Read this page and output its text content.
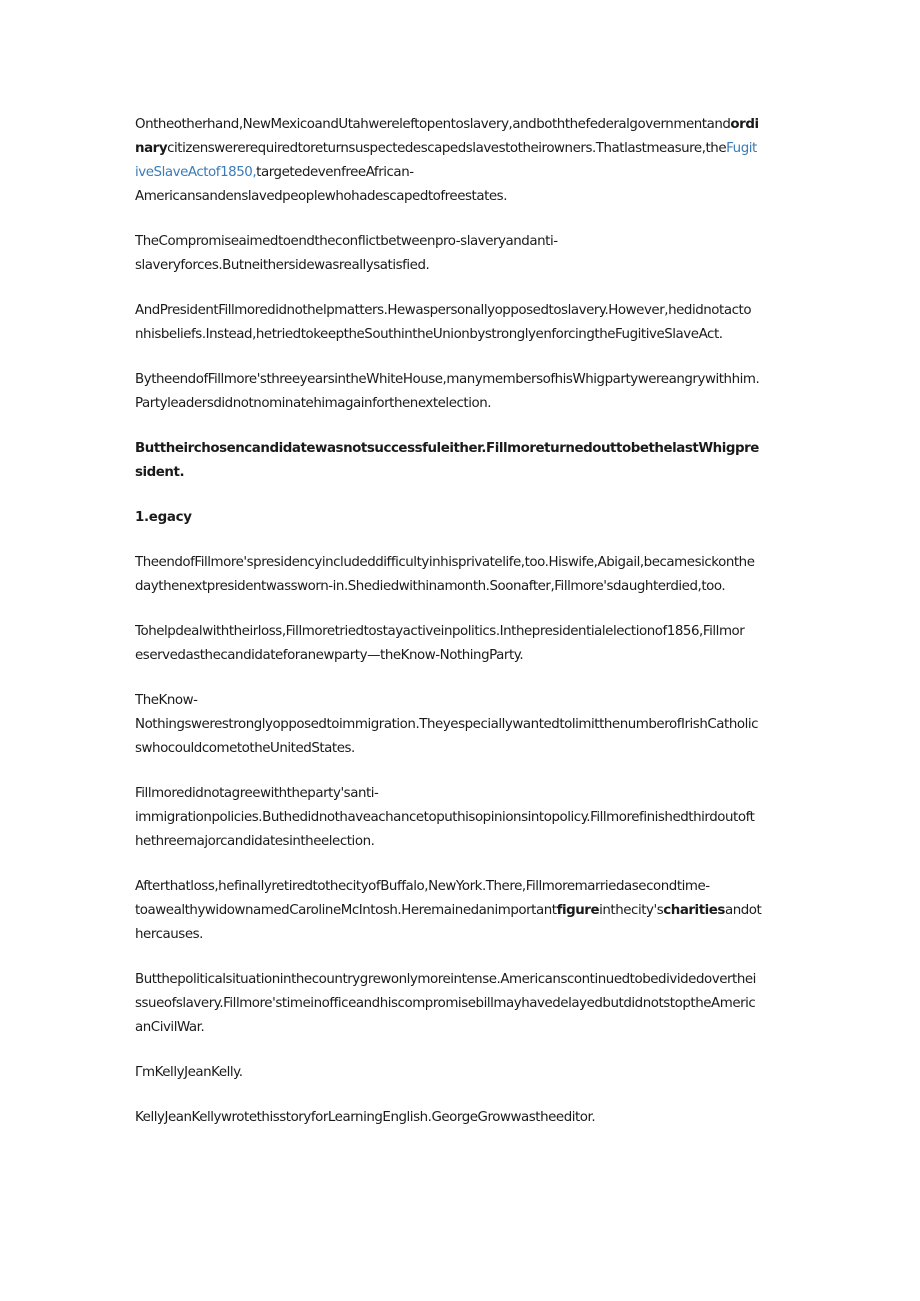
Ontheotherhand,NewMexicoandUtahwereleftopentoslavery,andboththefederalgovernmentandordi
narycitizenswererequiredtoreturnsuspectedescapedslavestotheirowners.Thatlastmeasure,theFugit
iveSlaveActof1850,targetedevenfreeAfrican-
Americansandenslavedpeoplewhohadescapedtofreestates.

TheCompromiseaimedtoendtheconflictbetweenpro-slaveryandanti-
slaveryforces.Butneithersidewasreallysatisfied.

AndPresidentFillmoredidnothelpmatters.Hewaspersonallyopposedtoslavery.However,hedidnotacto
nhisbeliefs.Instead,hetriedtokeeptheSouthintheUnionbystronglyenforcingtheFugitiveSlaveAct.

BytheendofFillmore'sthreeyearsintheWhiteHouse,manymembersofhisWhigpartywereangrywithhim.
Partyleadersdidnotnominatehimagainforthenextelection.

Buttheirchosencandidatewasnotsuccessfuleither.FillmoreturnedouttobethelastWhigpre
sident.

1.egacy

TheendofFillmore'spresidencyincludeddifficultyinhisprivatelife,too.Hiswife,Abigail,becamesickonthe
daythenextpresidentwassworn-in.Shediedwithinamonth.Soonafter,Fillmore'sdaughterdied,too.

Tohelpdealwiththeirloss,Fillmoretriedtostayactiveinpolitics.Inthepresidentialelectionof1856,Fillmor
eservedasthecandidateforanewparty—theKnow-NothingParty.

TheKnow-
Nothingswerestronglyopposedtoimmigration.TheyespeciallywantedtolimitthenumberofIrishCatholic
swhocouldcometotheUnitedStates.

Fillmoredidnotagreewiththeparty'santi-
immigrationpolicies.Buthedidnothaveachancetoputhisopinionsintopolicy.Fillmorefinishedthirdoutoft
hethreemajorcandidatesintheelection.

Afterthatloss,hefinallyretiredtothecityofBuffalo,NewYork.There,Fillmoremarriedasecondtime-
toawealthywidownamedCarolineMcIntosh.Heremainedanimportantfigureinthecity'scharitiesandot
hercauses.

Butthepoliticalsituationinthecountrygrewonlymoreintense.Americanscontinuedtobedividedoverthei
ssueofslavery.Fillmore'stimeinofficeandhiscompromisebillmayhavedelayedbutdidnotstoptheAmeric
anCivilWar.

ΓmKellyJeanKelly.

KellyJeanKellywrotethisstoryforLearningEnglish.GeorgeGrowwastheeditor.
